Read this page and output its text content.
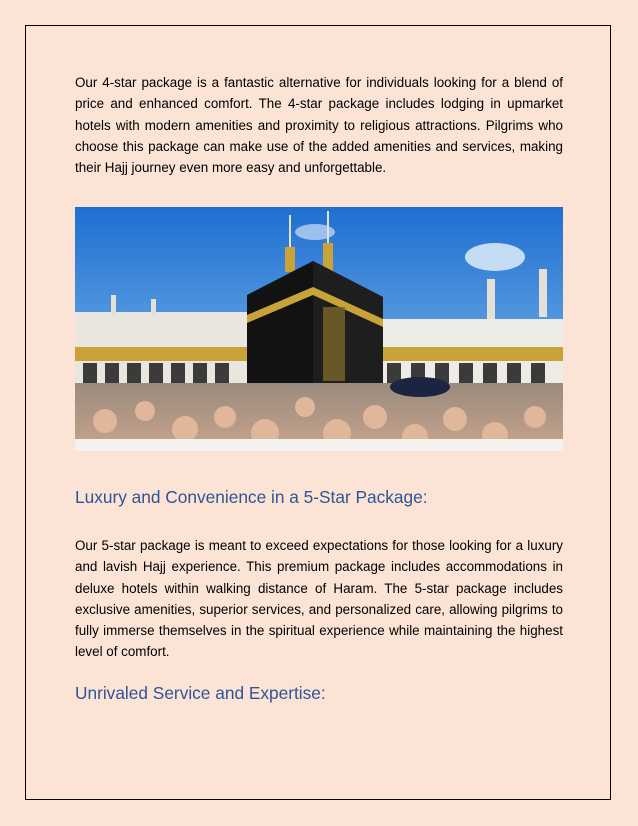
Our 4-star package is a fantastic alternative for individuals looking for a blend of price and enhanced comfort. The 4-star package includes lodging in upmarket hotels with modern amenities and proximity to religious attractions. Pilgrims who choose this package can make use of the added amenities and services, making their Hajj journey even more easy and unforgettable.

Luxury and Convenience in a 5-Star Package:

Our 5-star package is meant to exceed expectations for those looking for a luxury and lavish Hajj experience. This premium package includes accommodations in deluxe hotels within walking distance of Haram. The 5-star package includes exclusive amenities, superior services, and personalized care, allowing pilgrims to fully immerse themselves in the spiritual experience while maintaining the highest level of comfort.

Unrivaled Service and Expertise:
